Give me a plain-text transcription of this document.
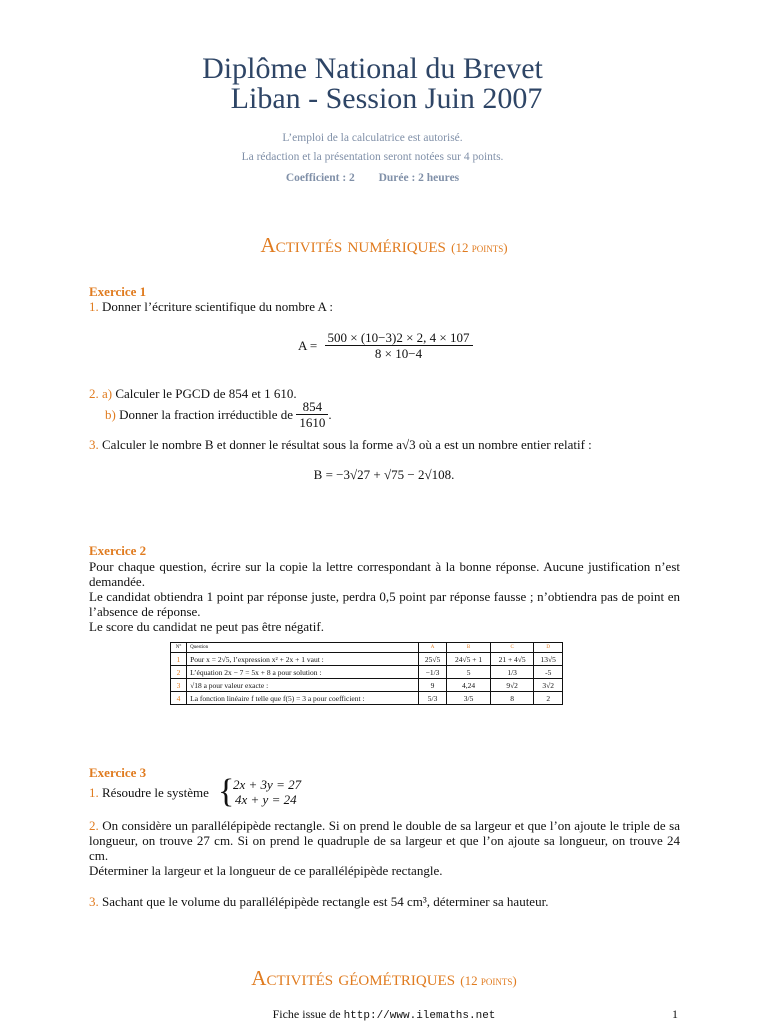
Diplôme National du Brevet
Liban - Session Juin 2007
L’emploi de la calculatrice est autorisé.
La rédaction et la présentation seront notées sur 4 points.
Coefficient : 2 Durée : 2 heures
Activités numériques (12 points)
Exercice 1
1. Donner l’écriture scientifique du nombre A :
$A = \frac{500 \times (10-3)2 \times 2, 4 \times 107}{8 \times 10-4}$
2. a) Calculer le PGCD de 854 et 1 610.
b) Donner la fraction irréductible de $\frac{854}{1610}$ .
3. Calculer le nombre B et donner le résultat sous la forme a√3 où a est un nombre entier relatif :
B = −3√27 + √75 − 2√108.
Exercice 2
Pour chaque question, écrire sur la copie la lettre correspondant à la bonne réponse. Aucune justification n’est demandée.
Le candidat obtiendra 1 point par réponse juste, perdra 0,5 point par réponse fausse ; n’obtiendra pas de point en l’absence de réponse.
Le score du candidat ne peut pas être négatif.
N°	Question	A	B	C	D
1	Pour x = 2√5, l’expression x² + 2x + 1 vaut :	25√5	24√5 + 1	21 + 4√5	13√5
2	L’équation 2x − 7 = 5x + 8 a pour solution :	−1/3	5	1/3	-5
3	√18 a pour valeur exacte :	9	4,24	9√2	3√2
4	La fonction linéaire f telle que f(5) = 3 a pour coefficient :	5/3	3/5	8	2
Exercice 3
1. Résoudre le système {
2x + 3y = 27
4x + y = 24
2. On considère un parallélépipède rectangle. Si on prend le double de sa largeur et que l’on ajoute le triple de sa longueur, on trouve 27 cm. Si on prend le quadruple de sa largeur et que l’on ajoute sa longueur, on trouve 24 cm.
Déterminer la largeur et la longueur de ce parallélépipède rectangle.
3. Sachant que le volume du parallélépipède rectangle est 54 cm³, déterminer sa hauteur.
Activités géométriques (12 points)
Fiche issue de http://www.ilemaths.net	1
